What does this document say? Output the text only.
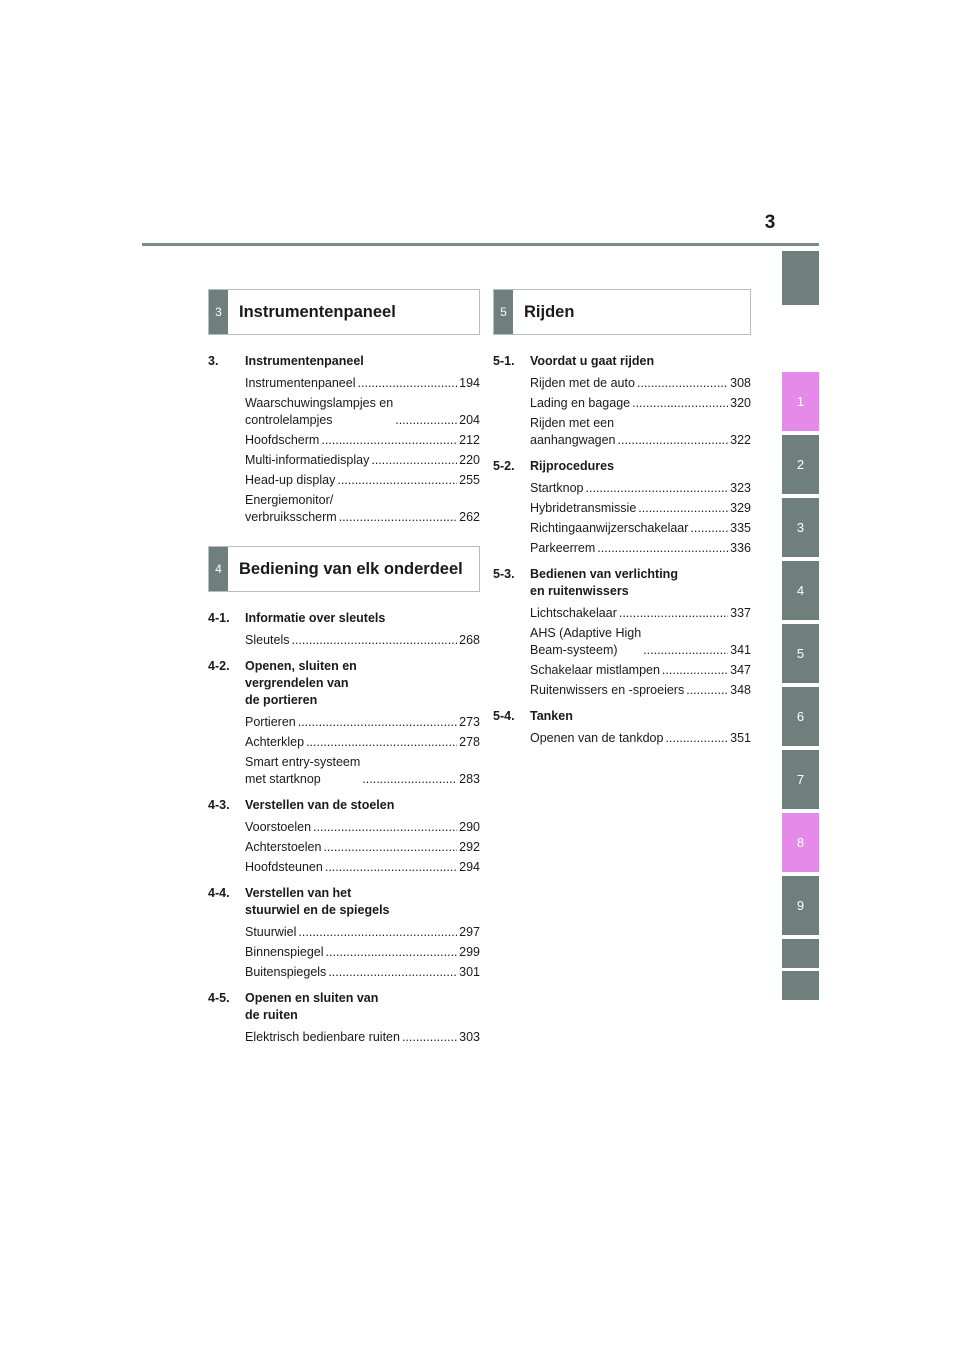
3
1
2
3
4
5
6
7
8
9
3	Instrumentenpaneel
3.	Instrumentenpaneel
Instrumentenpaneel .....	194
Waarschuwingslampjes en
controlelampjes .....	204
Hoofdscherm .....	212
Multi-informatiedisplay .....	220
Head-up display .....	255
Energiemonitor/
verbruiksscherm .....	262
4	Bediening van elk onderdeel
4-1.	Informatie over sleutels
Sleutels .....	268
4-2.	Openen, sluiten en
vergrendelen van
de portieren
Portieren .....	273
Achterklep .....	278
Smart entry-systeem
met startknop .....	283
4-3.	Verstellen van de stoelen
Voorstoelen .....	290
Achterstoelen .....	292
Hoofdsteunen .....	294
4-4.	Verstellen van het
stuurwiel en de spiegels
Stuurwiel .....	297
Binnenspiegel .....	299
Buitenspiegels .....	301
4-5.	Openen en sluiten van
de ruiten
Elektrisch bedienbare ruiten .....	303
5	Rijden
5-1.	Voordat u gaat rijden
Rijden met de auto .....	308
Lading en bagage .....	320
Rijden met een
aanhangwagen .....	322
5-2.	Rijprocedures
Startknop .....	323
Hybridetransmissie .....	329
Richtingaanwijzerschakelaar .....	335
Parkeerrem .....	336
5-3.	Bedienen van verlichting
en ruitenwissers
Lichtschakelaar .....	337
AHS (Adaptive High
Beam-systeem) .....	341
Schakelaar mistlampen .....	347
Ruitenwissers en -sproeiers .....	348
5-4.	Tanken
Openen van de tankdop .....	351
